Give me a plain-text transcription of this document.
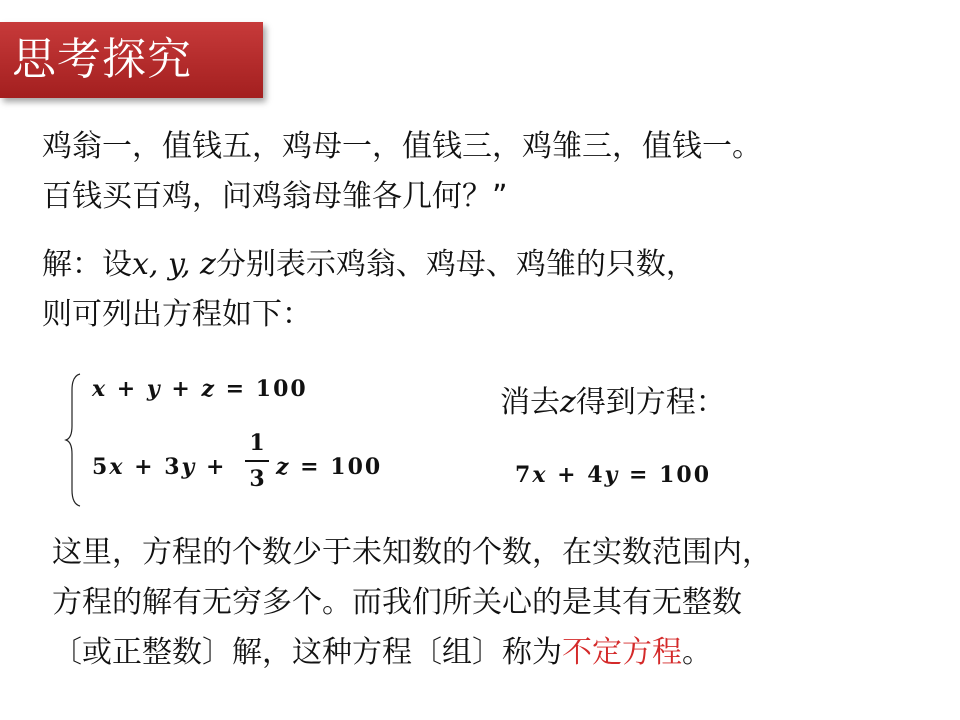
思考探究
鸡翁一，值钱五，鸡母一，值钱三，鸡雏三，值钱一。
百钱买百鸡，问鸡翁母雏各几何？”
解：设x, y, z分别表示鸡翁、鸡母、鸡雏的只数，
则可列出方程如下：
x + y + z = 100
5x + 3y +
1
3 z = 100
消去z得到方程：
7x + 4y = 100
这里，方程的个数少于未知数的个数，在实数范围内，
方程的解有无穷多个。而我们所关心的是其有无整数
〔或正整数〕解，这种方程〔组〕称为不定方程。
